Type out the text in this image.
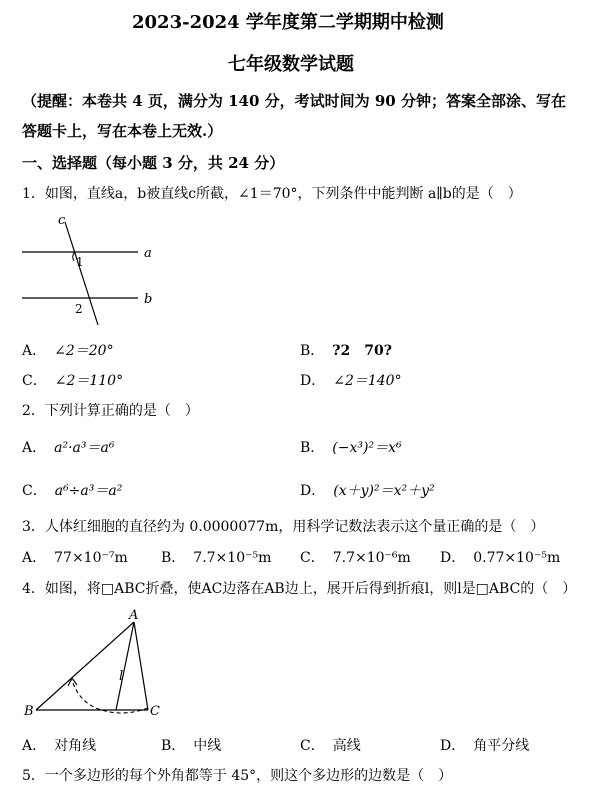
2023-2024 学年度第二学期期中检测
七年级数学试题
（提醒：本卷共 4 页，满分为 140 分，考试时间为 90 分钟；答案全部涂、写在
答题卡上，写在本卷上无效.）
一、选择题（每小题 3 分，共 24 分）
1．如图，直线a，b被直线c所截，∠1＝70°，下列条件中能判断 a∥b的是（　）
c
a
b
1
2
A． ∠2＝20°	B． ?2　70?
C． ∠2＝110°	D． ∠2＝140°
2．下列计算正确的是（　）
A． a²·a³＝a⁶	B． (−x³)²＝x⁶
C． a⁶÷a³＝a²	D． (x＋y)²＝x²＋y²
3．人体红细胞的直径约为 0.0000077m，用科学记数法表示这个量正确的是（　）
A． 77×10⁻⁷m B． 7.7×10⁻⁵m C． 7.7×10⁻⁶m D． 0.77×10⁻⁵m
4．如图，将□ABC折叠，使AC边落在AB边上，展开后得到折痕l，则l是□ABC的（　）
A
B	C
l
A． 对角线	B． 中线	C． 高线	D． 角平分线
5．一个多边形的每个外角都等于 45°，则这个多边形的边数是（　）
